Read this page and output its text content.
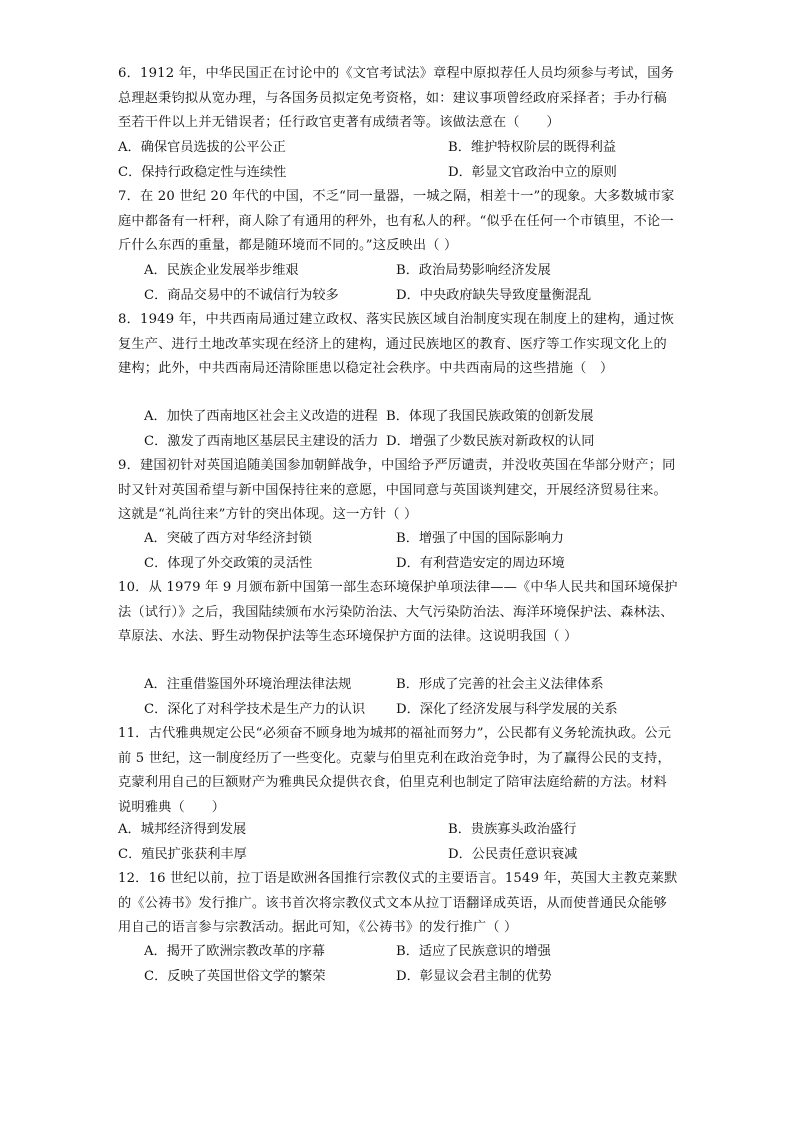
6．1912 年，中华民国正在讨论中的《文官考试法》章程中原拟荐任人员均须参与考试，国务总理赵秉钧拟从宽办理，与各国务员拟定免考资格，如：建议事项曾经政府采择者；手办行稿至若干件以上并无错误者；任行政官吏著有成绩者等。该做法意在（　　）
A．确保官员选拔的公平公正	B．维护特权阶层的既得利益
C．保持行政稳定性与连续性	D．彰显文官政治中立的原则
7．在 20 世纪 20 年代的中国，不乏“同一量器，一城之隔，相差十一”的现象。大多数城市家庭中都备有一杆秤，商人除了有通用的秤外，也有私人的秤。“似乎在任何一个市镇里，不论一斤什么东西的重量，都是随环境而不同的。”这反映出（ ）
A．民族企业发展举步维艰	B．政治局势影响经济发展
C．商品交易中的不诚信行为较多	D．中央政府缺失导致度量衡混乱
8．1949 年，中共西南局通过建立政权、落实民族区域自治制度实现在制度上的建构，通过恢复生产、进行土地改革实现在经济上的建构，通过民族地区的教育、医疗等工作实现文化上的建构；此外，中共西南局还清除匪患以稳定社会秩序。中共西南局的这些措施（　）
A．加快了西南地区社会主义改造的进程 B．体现了我国民族政策的创新发展
C．激发了西南地区基层民主建设的活力 D．增强了少数民族对新政权的认同
9．建国初针对英国追随美国参加朝鲜战争，中国给予严厉谴责，并没收英国在华部分财产；同时又针对英国希望与新中国保持往来的意愿，中国同意与英国谈判建交，开展经济贸易往来。这就是“礼尚往来”方针的突出体现。这一方针（ ）
A．突破了西方对华经济封锁	B．增强了中国的国际影响力
C．体现了外交政策的灵活性	D．有利营造安定的周边环境
10．从 1979 年 9 月颁布新中国第一部生态环境保护单项法律——《中华人民共和国环境保护法（试行）》之后，我国陆续颁布水污染防治法、大气污染防治法、海洋环境保护法、森林法、草原法、水法、野生动物保护法等生态环境保护方面的法律。这说明我国（ ）
A．注重借鉴国外环境治理法律法规	B．形成了完善的社会主义法律体系
C．深化了对科学技术是生产力的认识 D．深化了经济发展与科学发展的关系
11．古代雅典规定公民“必须奋不顾身地为城邦的福祉而努力”，公民都有义务轮流执政。公元前 5 世纪，这一制度经历了一些变化。克蒙与伯里克利在政治竞争时，为了赢得公民的支持，克蒙利用自己的巨额财产为雅典民众提供衣食，伯里克利也制定了陪审法庭给薪的方法。材料说明雅典（　　）
A．城邦经济得到发展	B．贵族寡头政治盛行
C．殖民扩张获利丰厚	D．公民责任意识衰减
12．16 世纪以前，拉丁语是欧洲各国推行宗教仪式的主要语言。1549 年，英国大主教克莱默的《公祷书》发行推广。该书首次将宗教仪式文本从拉丁语翻译成英语，从而使普通民众能够用自己的语言参与宗教活动。据此可知，《公祷书》的发行推广（ ）
A．揭开了欧洲宗教改革的序幕	B．适应了民族意识的增强
C．反映了英国世俗文学的繁荣	D．彰显议会君主制的优势
